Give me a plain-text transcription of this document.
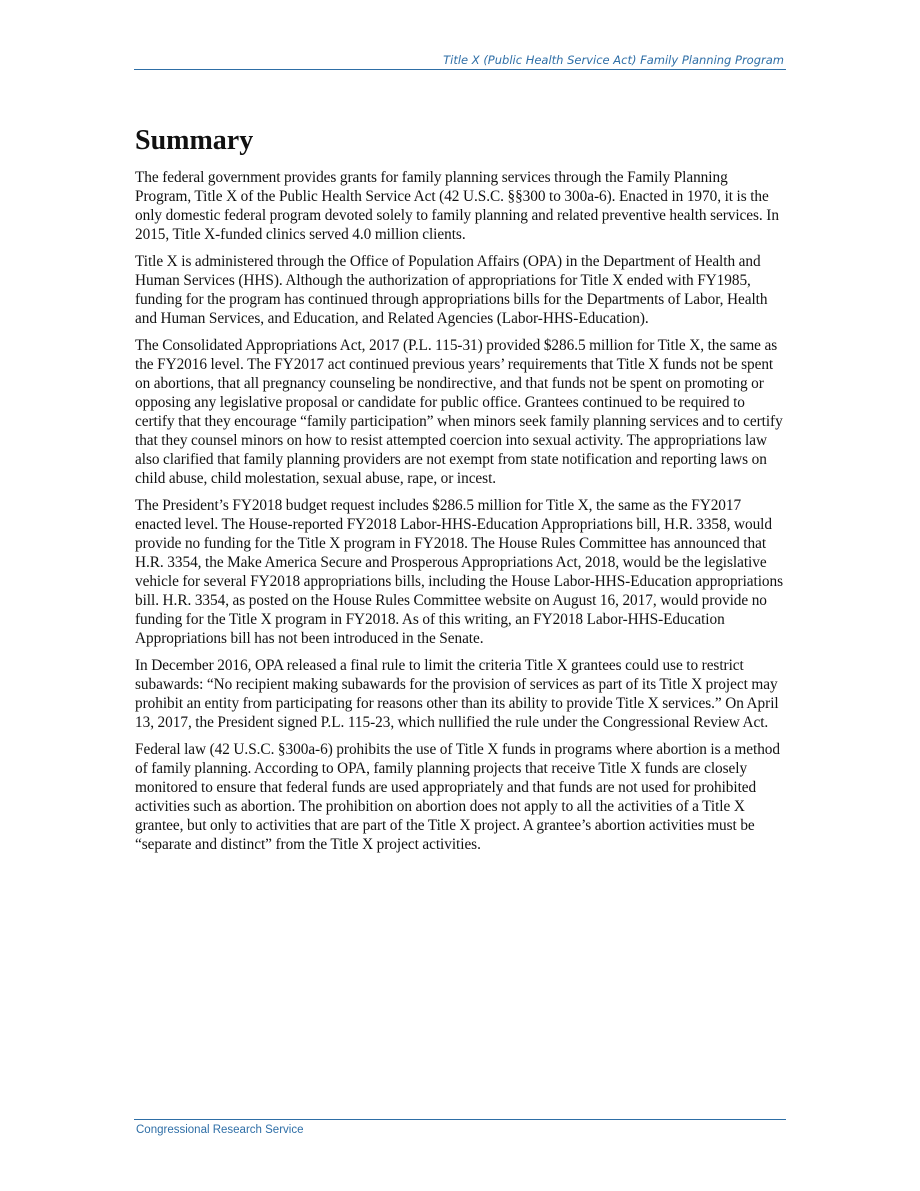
Title X (Public Health Service Act) Family Planning Program
Summary

The federal government provides grants for family planning services through the Family Planning Program, Title X of the Public Health Service Act (42 U.S.C. §§300 to 300a-6). Enacted in 1970, it is the only domestic federal program devoted solely to family planning and related preventive health services. In 2015, Title X-funded clinics served 4.0 million clients.

Title X is administered through the Office of Population Affairs (OPA) in the Department of Health and Human Services (HHS). Although the authorization of appropriations for Title X ended with FY1985, funding for the program has continued through appropriations bills for the Departments of Labor, Health and Human Services, and Education, and Related Agencies (Labor-HHS-Education).

The Consolidated Appropriations Act, 2017 (P.L. 115-31) provided $286.5 million for Title X, the same as the FY2016 level. The FY2017 act continued previous years’ requirements that Title X funds not be spent on abortions, that all pregnancy counseling be nondirective, and that funds not be spent on promoting or opposing any legislative proposal or candidate for public office. Grantees continued to be required to certify that they encourage “family participation” when minors seek family planning services and to certify that they counsel minors on how to resist attempted coercion into sexual activity. The appropriations law also clarified that family planning providers are not exempt from state notification and reporting laws on child abuse, child molestation, sexual abuse, rape, or incest.

The President’s FY2018 budget request includes $286.5 million for Title X, the same as the FY2017 enacted level. The House-reported FY2018 Labor-HHS-Education Appropriations bill, H.R. 3358, would provide no funding for the Title X program in FY2018. The House Rules Committee has announced that H.R. 3354, the Make America Secure and Prosperous Appropriations Act, 2018, would be the legislative vehicle for several FY2018 appropriations bills, including the House Labor-HHS-Education appropriations bill. H.R. 3354, as posted on the House Rules Committee website on August 16, 2017, would provide no funding for the Title X program in FY2018. As of this writing, an FY2018 Labor-HHS-Education Appropriations bill has not been introduced in the Senate.

In December 2016, OPA released a final rule to limit the criteria Title X grantees could use to restrict subawards: “No recipient making subawards for the provision of services as part of its Title X project may prohibit an entity from participating for reasons other than its ability to provide Title X services.” On April 13, 2017, the President signed P.L. 115-23, which nullified the rule under the Congressional Review Act.

Federal law (42 U.S.C. §300a-6) prohibits the use of Title X funds in programs where abortion is a method of family planning. According to OPA, family planning projects that receive Title X funds are closely monitored to ensure that federal funds are used appropriately and that funds are not used for prohibited activities such as abortion. The prohibition on abortion does not apply to all the activities of a Title X grantee, but only to activities that are part of the Title X project. A grantee’s abortion activities must be “separate and distinct” from the Title X project activities.

Congressional Research Service
